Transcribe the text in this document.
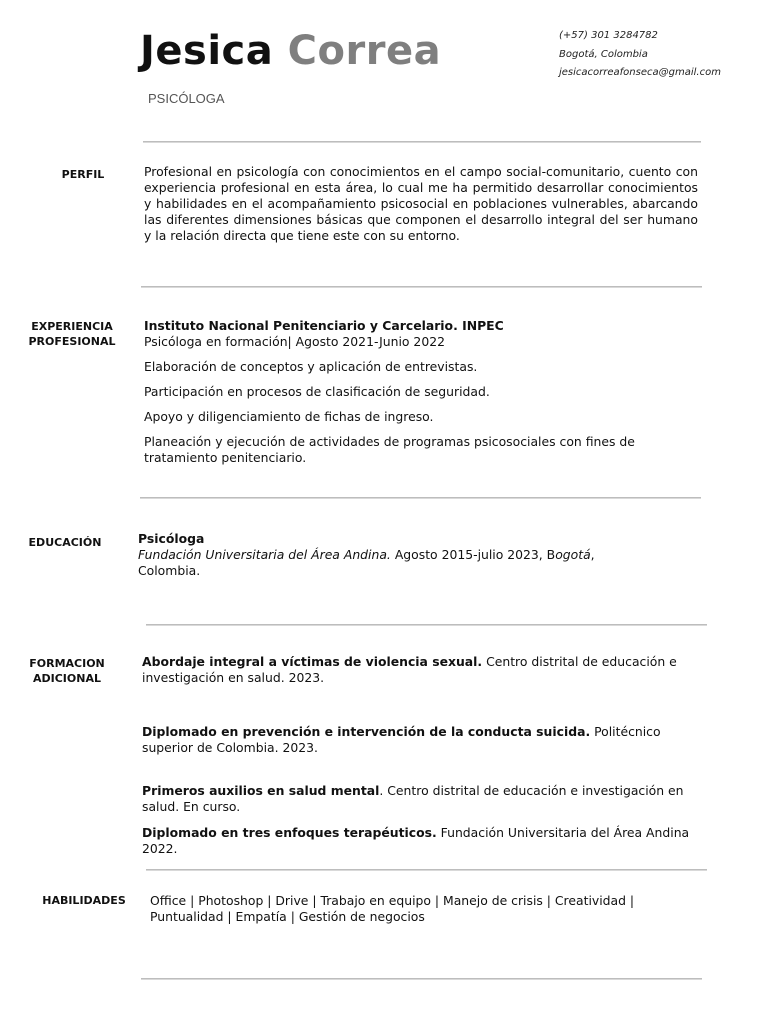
Jesica Correa
PSICÓLOGA
(+57) 301 3284782
Bogotá, Colombia
jesicacorreafonseca@gmail.com
PERFIL	Profesional en psicología con conocimientos en el campo social-comunitario, cuento con experiencia profesional en esta área, lo cual me ha permitido desarrollar conocimientos y habilidades en el acompañamiento psicosocial en poblaciones vulnerables, abarcando las diferentes dimensiones básicas que componen el desarrollo integral del ser humano y la relación directa que tiene este con su entorno.
EXPERIENCIA
PROFESIONAL

Instituto Nacional Penitenciario y Carcelario. INPEC

Psicóloga en formación| Agosto 2021-Junio 2022

Elaboración de conceptos y aplicación de entrevistas.

Participación en procesos de clasificación de seguridad.

Apoyo y diligenciamiento de fichas de ingreso.

Planeación y ejecución de actividades de programas psicosociales con fines de tratamiento penitenciario.

EDUCACIÓN	Psicóloga

Fundación Universitaria del Área Andina. Agosto 2015-julio 2023, Bogotá, Colombia.

FORMACION
ADICIONAL
Abordaje integral a víctimas de violencia sexual. Centro distrital de educación e investigación en salud. 2023.
Diplomado en prevención e intervención de la conducta suicida. Politécnico superior de Colombia. 2023.
Primeros auxilios en salud mental. Centro distrital de educación e investigación en salud. En curso.
Diplomado en tres enfoques terapéuticos. Fundación Universitaria del Área Andina 2022.
HABILIDADES	Office | Photoshop | Drive | Trabajo en equipo | Manejo de crisis | Creatividad | Puntualidad | Empatía | Gestión de negocios
